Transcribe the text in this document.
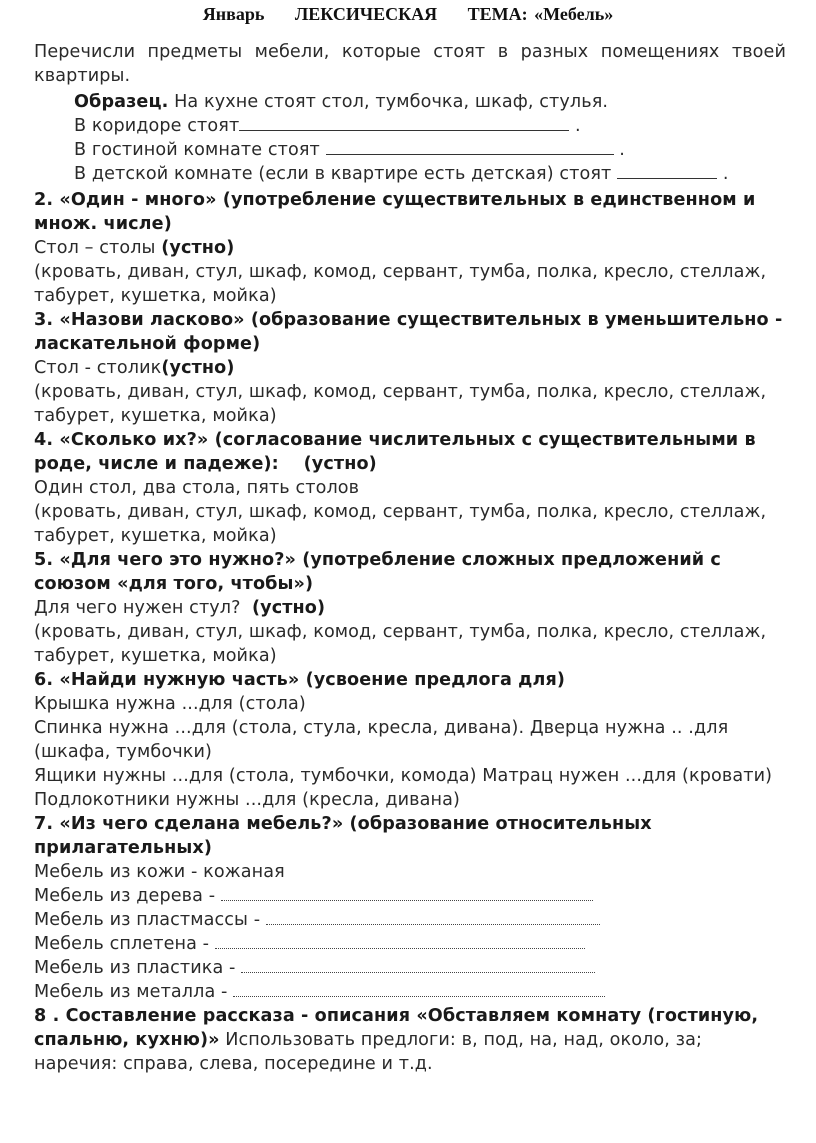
Январь ЛЕКСИЧЕСКАЯ ТЕМА: «Мебель»

Перечисли предметы мебели, которые стоят в разных помещениях твоей квартиры.

Образец. На кухне стоят стол, тумбочка, шкаф, стулья.

В коридоре стоят	.

В гостиной комнате стоят	.

В детской комнате (если в квартире есть детская) стоят	.

2. «Один - много» (употребление существительных в единственном и множ. числе)

Стол – столы (устно)

(кровать, диван, стул, шкаф, комод, сервант, тумба, полка, кресло, стеллаж, табурет, кушетка, мойка)

3. «Назови ласково» (образование существительных в уменьшительно - ласкательной форме)

Стол - столик(устно)

(кровать, диван, стул, шкаф, комод, сервант, тумба, полка, кресло, стеллаж, табурет, кушетка, мойка)

4. «Сколько их?» (согласование числительных с существительными в роде, числе и падеже): (устно)

Один стол, два стола, пять столов

(кровать, диван, стул, шкаф, комод, сервант, тумба, полка, кресло, стеллаж, табурет, кушетка, мойка)

5. «Для чего это нужно?» (употребление сложных предложений с союзом «для того, чтобы»)

Для чего нужен стул? (устно)

(кровать, диван, стул, шкаф, комод, сервант, тумба, полка, кресло, стеллаж, табурет, кушетка, мойка)

6. «Найди нужную часть» (усвоение предлога для)

Крышка нужна ...для (стола)

Спинка нужна ...для (стола, стула, кресла, дивана). Дверца нужна .. .для (шкафа, тумбочки)

Ящики нужны ...для (стола, тумбочки, комода) Матрац нужен ...для (кровати)

Подлокотники нужны ...для (кресла, дивана)

7. «Из чего сделана мебель?» (образование относительных прилагательных)

Мебель из кожи - кожаная

Мебель из дерева -

Мебель из пластмассы -

Мебель сплетена -

Мебель из пластика -

Мебель из металла -

8 . Составление рассказа - описания «Обставляем комнату (гостиную, спальню, кухню)» Использовать предлоги: в, под, на, над, около, за; наречия: справа, слева, посередине и т.д.
